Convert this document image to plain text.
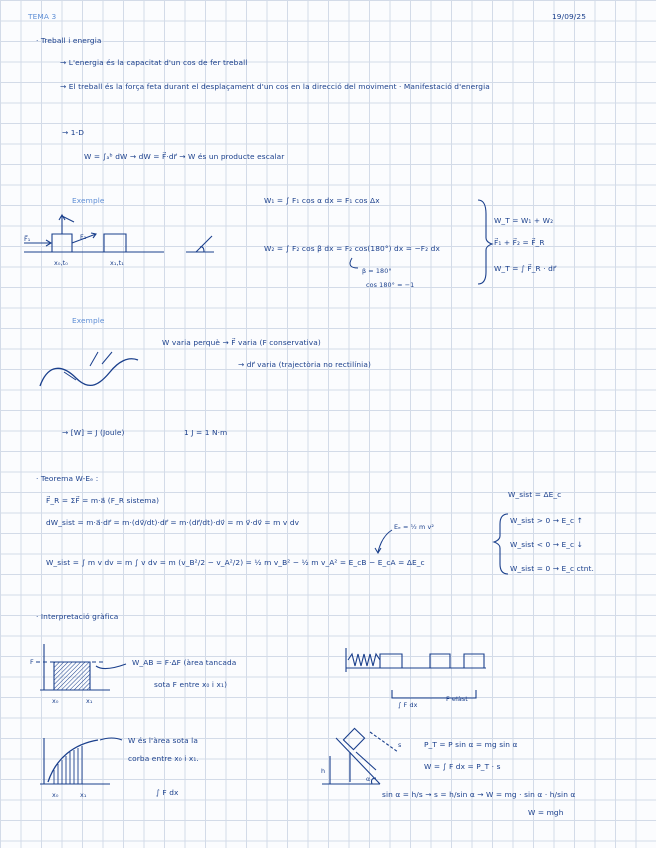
TEMA 3	19/09/25
· Treball i energia
→ L'energia és la capacitat d'un cos de fer treball
→ El treball és la força feta durant el desplaçament d'un cos en la direcció del moviment · Manifestació d'energia
→ 1-D
W = ∫ₐᵇ dW → dW = F⃗·dr⃗ → W és un producte escalar
Exemple
F⃗₁	F₂
x₀,t₀	x₁,t₁
W₁ = ∫ F₁ cos α dx = F₁ cos Δx
W₂ = ∫ F₂ cos β dx = F₂ cos(180°) dx = −F₂ dx
β = 180°
cos 180° = −1
W_T = W₁ + W₂
F⃗₁ + F⃗₂ = F⃗_R
W_T = ∫ F⃗_R · dr⃗
Exemple
W varia perquè → F⃗ varia (F conservativa)
→ dr⃗ varia (trajectòria no rectilínia)
→ [W] = J (Joule)	1 J = 1 N·m
· Teorema W-Eₑ :
F⃗_R = ΣF⃗ = m·a⃗ (F_R sistema)
dW_sist = m·a⃗·dr⃗ = m·(dv⃗/dt)·dr⃗ = m·(dr⃗/dt)·dv⃗ = m v⃗·dv⃗ = m v dv	Eₑ = ½ m v²
W_sist = ∫ m v dv = m ∫ v dv = m (v_B²/2 − v_A²/2) = ½ m v_B² − ½ m v_A² = E_cB − E_cA = ΔE_c
W_sist = ΔE_c
W_sist > 0 → E_c ↑
W_sist < 0 → E_c ↓
W_sist = 0 → E_c ctnt.
· Interpretació gràfica
F
x₀	x₁
W_AB = F·ΔF (àrea tancada
sota F entre x₀ i x₁)
∫ F dx
F elàst
W és l'àrea sota la
corba entre x₀ i x₁.
∫ F dx
x₀	x₁
s
h
α
P_T = P sin α = mg sin α
W = ∫ F dx = P_T · s
sin α = h/s → s = h/sin α → W = mg · sin α · h/sin α
W = mgh
